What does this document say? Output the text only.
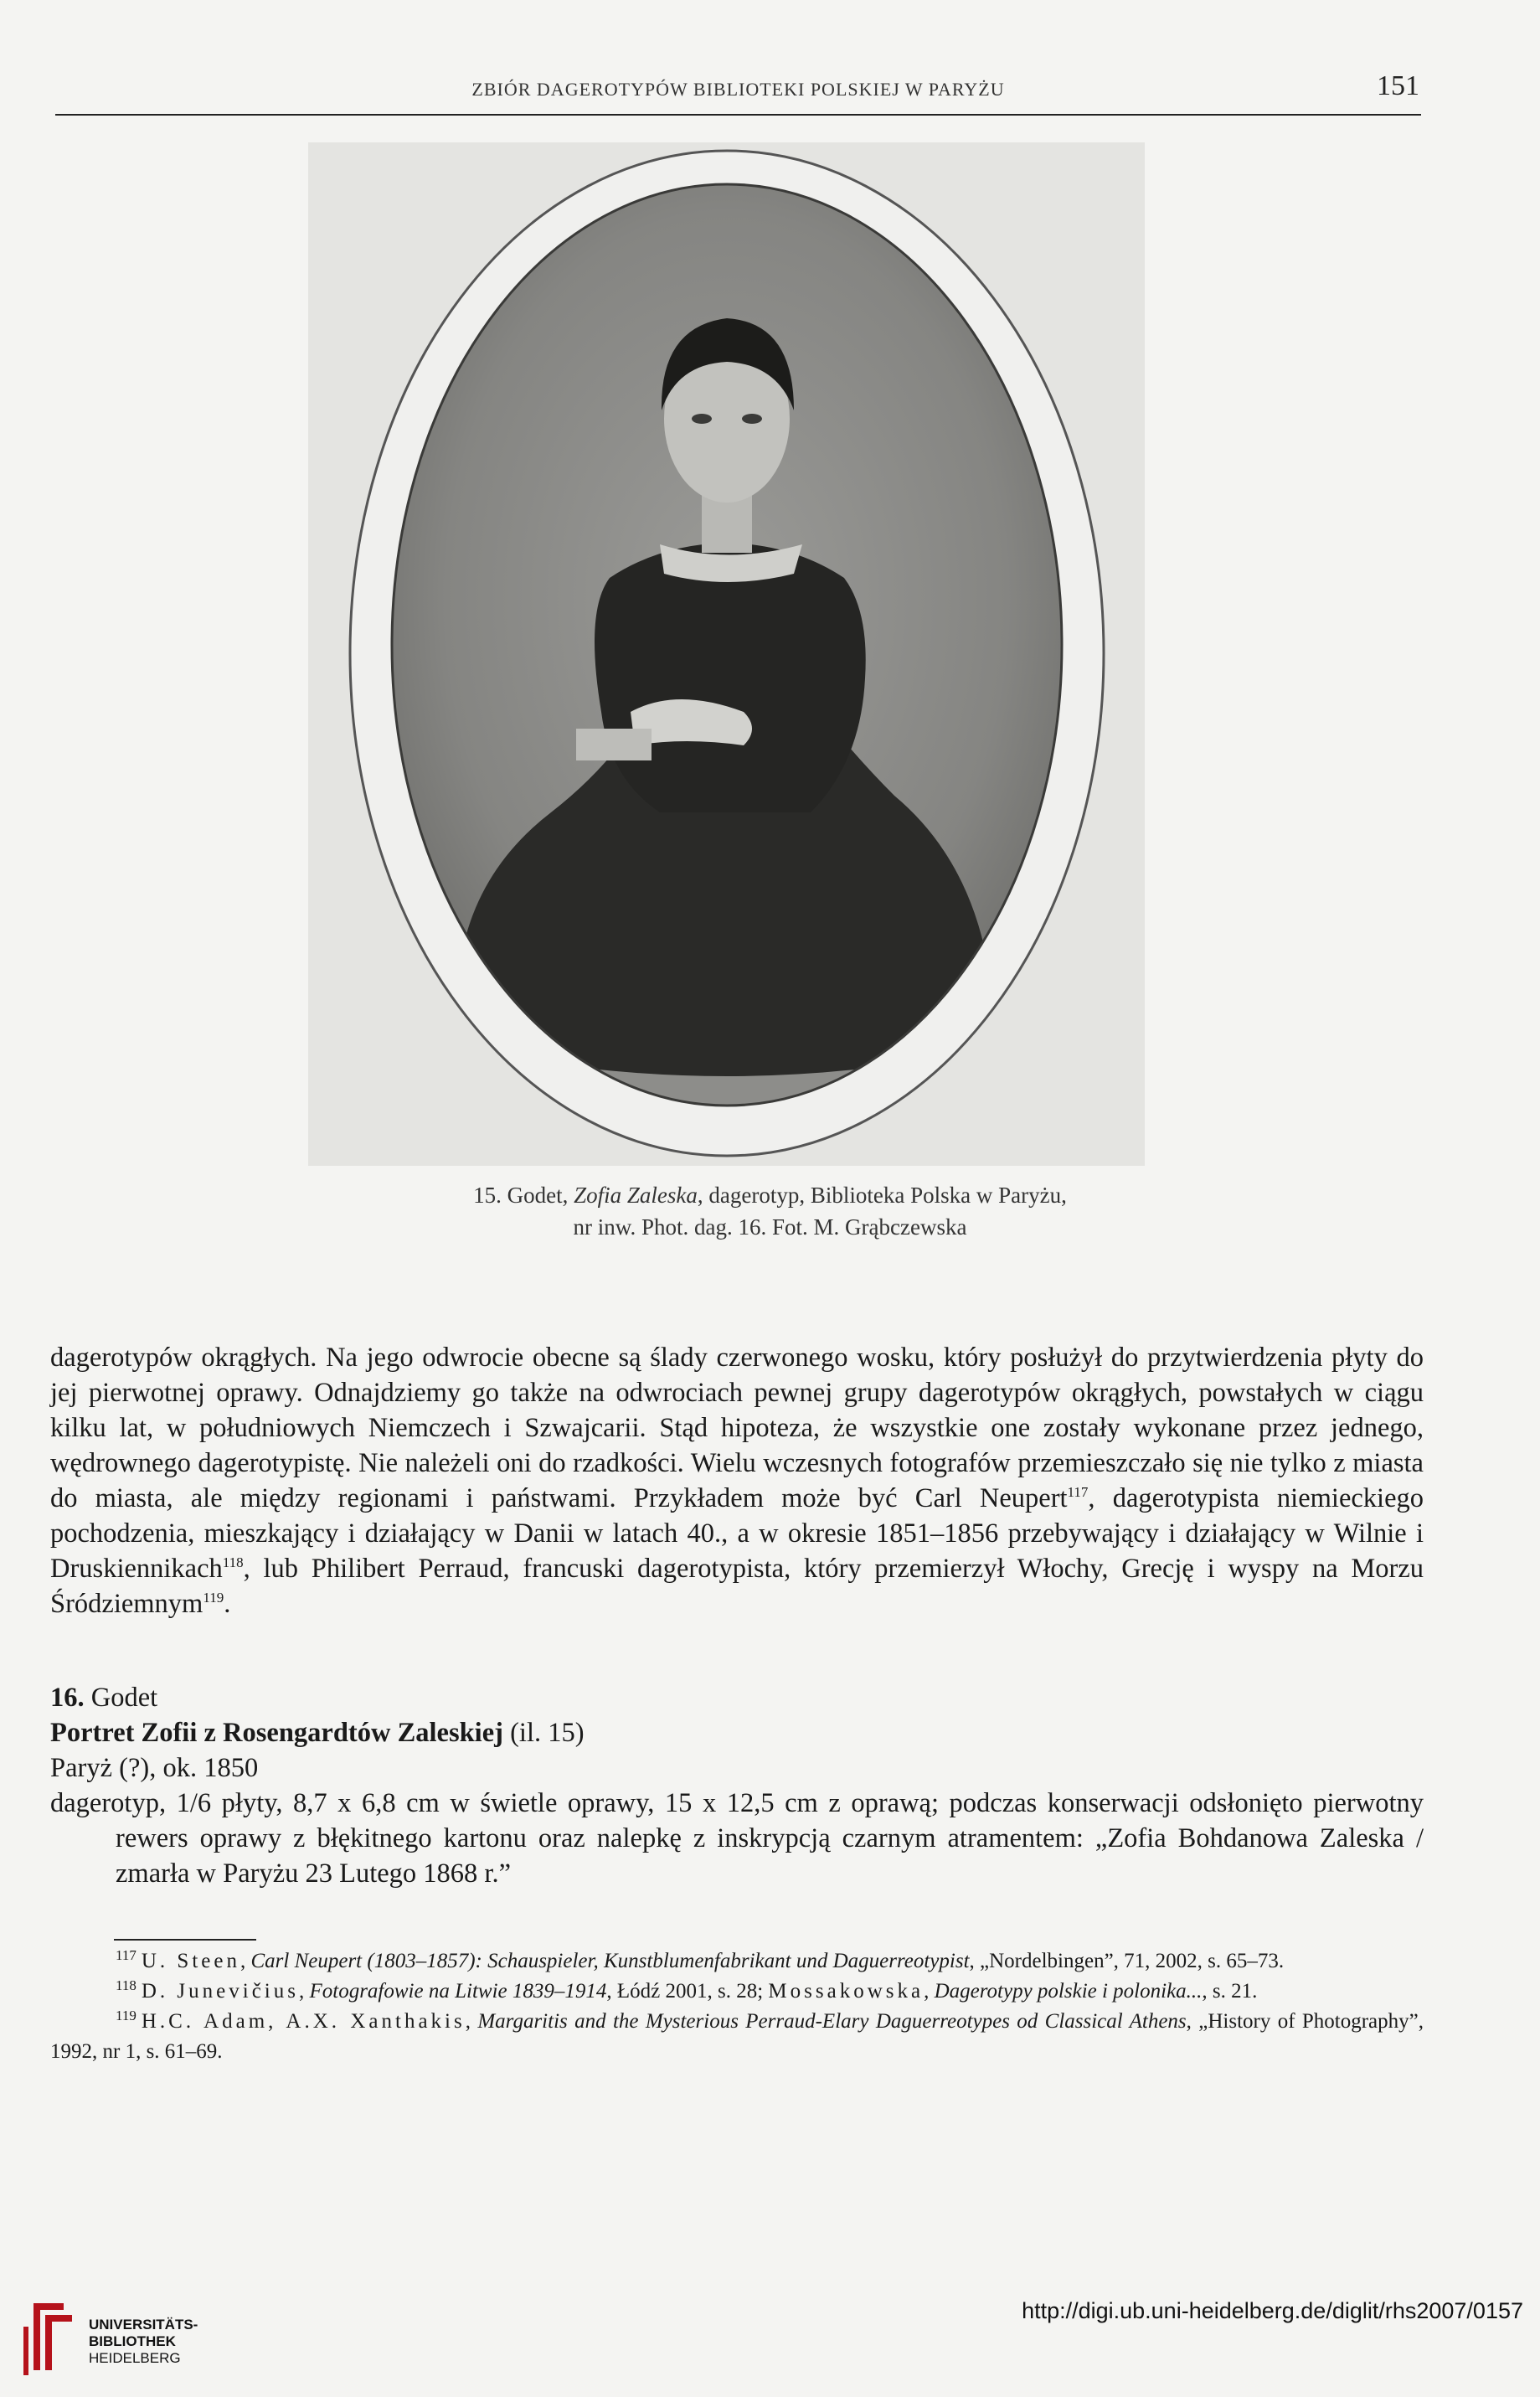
ZBIÓR DAGEROTYPÓW BIBLIOTEKI POLSKIEJ W PARYŻU	151
15. Godet, Zofia Zaleska, dagerotyp, Biblioteka Polska w Paryżu,
nr inw. Phot. dag. 16. Fot. M. Grąbczewska
dagerotypów okrągłych. Na jego odwrocie obecne są ślady czerwonego wosku, który posłużył do przytwierdzenia płyty do jej pierwotnej oprawy. Odnajdziemy go także na odwrociach pewnej grupy dagerotypów okrągłych, powstałych w ciągu kilku lat, w południowych Niemczech i Szwajcarii. Stąd hipoteza, że wszystkie one zostały wykonane przez jednego, wędrownego dagerotypistę. Nie należeli oni do rzadkości. Wielu wczesnych fotografów przemieszczało się nie tylko z miasta do miasta, ale między regionami i państwami. Przykładem może być Carl Neupert$^{117}$, dagerotypista niemieckiego pochodzenia, mieszkający i działający w Danii w latach 40., a w okresie 1851–1856 przebywający i działający w Wilnie i Druskiennikach$^{118}$, lub Philibert Perraud, francuski dagerotypista, który przemierzył Włochy, Grecję i wyspy na Morzu Śródziemnym$^{119}$.
16. Godet
Portret Zofii z Rosengardtów Zaleskiej (il. 15)
Paryż (?), ok. 1850
dagerotyp, 1/6 płyty, 8,7 x 6,8 cm w świetle oprawy, 15 x 12,5 cm z oprawą; podczas konserwacji odsłonięto pierwotny rewers oprawy z błękitnego kartonu oraz nalepkę z inskrypcją czarnym atramentem: „Zofia Bohdanowa Zaleska / zmarła w Paryżu 23 Lutego 1868 r.”
$^{117}$ U. Steen, Carl Neupert (1803–1857): Schauspieler, Kunstblumenfabrikant und Daguerreotypist, „Nordelbingen”, 71, 2002, s. 65–73.
$^{118}$ D. Junevičius, Fotografowie na Litwie 1839–1914, Łódź 2001, s. 28; Mossakowska, Dagerotypy polskie i polonika..., s. 21.
$^{119}$ H.C. Adam, A.X. Xanthakis, Margaritis and the Mysterious Perraud-Elary Daguerreotypes od Classical Athens, „History of Photography”, 1992, nr 1, s. 61–69.
UNIVERSITÄTS-
BIBLIOTHEK
HEIDELBERG
http://digi.ub.uni-heidelberg.de/diglit/rhs2007/0157
